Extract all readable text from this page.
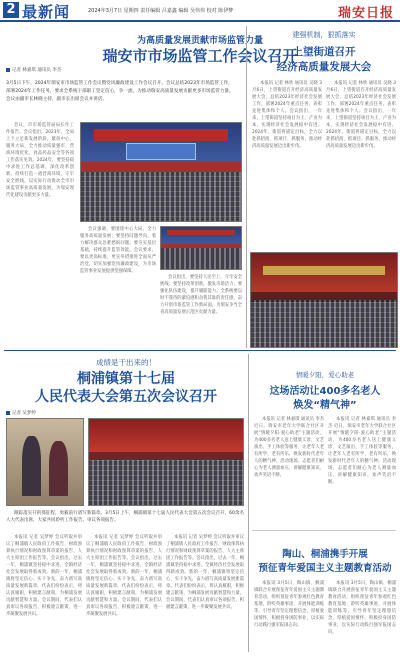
2 最新闻	2024年3月7日 星期四 责任编辑 吕嘉鑫 编辑 吴伟伟 校对 陈伊梦	瑞安日报
为高质量发展贡献市场监管力量
瑞安市市场监管工作会议召开
记者 林嘉琪 通讯员 李杰
3月5日下午，2024年瑞安市市场监管工作会议暨党风廉政建设工作会议召开。会议总结2023年市场监管工作，部署2024年工作任务，要求全系统干部职工坚定信心，争一流、为推动瑞安高质量发展贡献更多市场监管力量。会议由副市长林晓主持，副市长出席会议并讲话。

会议，市市场监管局局长作工作报告。会议指出，2023年，全局上下立足新发展阶段，紧扣中心、服务大局，全力推动质量强市、营商环境优化、食品药品安全等各项工作落实见效。2024年，要坚持稳中求进工作总基调，深化改革创新，持续打造一流营商环境，守牢安全底线，以实际行动推动全市市场监管事业高质量发展，为瑞安现代化建设贡献更多力量。

会议强调，要围绕中心大局，全力服务高质量发展；要坚持问题导向，着力解决群众急难愁盼问题；要夯实基层基础，持续提升监管效能。会议要求，要以更高标准、更实举措推进全面从严治党，切实加强党风廉政建设，为市场监管事业发展提供坚强保障。

会议指出，要坚持人民至上，守牢安全底线；要坚持改革创新，激发市场活力；要强化队伍建设，提升履职能力。全系统要以时不我待的紧迫感和舍我其谁的责任感，奋力开创市场监管工作新局面，为瑞安争当全省高质量发展示范区贡献力量。

建强机制，狠抓落实
上望街道召开
经济高质量发展大会

本报讯 记者 林欣 通讯员 吴晓 3月6日，上望街道召开经济高质量发展大会，总结2023年经济社会发展工作，部署2024年重点任务，表彰先进集体和个人。会议指出，一年来，上望街道坚持项目为王、产业为本，实现经济社会发展稳中有进。2024年，街道将锚定目标，全力以赴抓招商、抓项目、抓服务，推动经济高质量发展迈出新步伐。

本报讯 记者 林欣 通讯员 吴晓 3月6日，上望街道召开经济高质量发展大会，总结2023年经济社会发展工作，部署2024年重点任务，表彰先进集体和个人。会议指出，一年来，上望街道坚持项目为王、产业为本，实现经济社会发展稳中有进。2024年，街道将锚定目标，全力以赴抓招商、抓项目、抓服务，推动经济高质量发展迈出新步伐。

成绩是干出来的！
桐浦镇第十七届
人民代表大会第五次会议召开
记者 吴梦婷

跟踪落实开的那征程，勇毅前行谱写新篇章。3月5日上午，桐浦镇第十七届人民代表大会第五次会议召开，60余名人大代表出席，大家共同聆听工作报告、审议各项报告。

本报讯 记者 吴梦婷 会议听取并审议了桐浦镇人民政府工作报告、财政预算执行情况和财政预算草案的报告、人大主席团工作报告等。会议指出，过去一年，桐浦镇坚持稳中求进，全镇经济社会发展取得新成效。新的一年，桐浦镇将坚定信心、实干争先，奋力谱写高质量发展新篇章。代表们纷纷表示，将认真履职，积极建言献策，为桐浦发展贡献智慧和力量。会议期间，代表们认真审议各项报告，积极建言献策，进一步凝聚发展共识。

本报讯 记者 吴梦婷 会议听取并审议了桐浦镇人民政府工作报告、财政预算执行情况和财政预算草案的报告、人大主席团工作报告等。会议指出，过去一年，桐浦镇坚持稳中求进，全镇经济社会发展取得新成效。新的一年，桐浦镇将坚定信心、实干争先，奋力谱写高质量发展新篇章。代表们纷纷表示，将认真履职，积极建言献策，为桐浦发展贡献智慧和力量。会议期间，代表们认真审议各项报告，积极建言献策，进一步凝聚发展共识。

本报讯 记者 吴梦婷 会议听取并审议了桐浦镇人民政府工作报告、财政预算执行情况和财政预算草案的报告、人大主席团工作报告等。会议指出，过去一年，桐浦镇坚持稳中求进，全镇经济社会发展取得新成效。新的一年，桐浦镇将坚定信心、实干争先，奋力谱写高质量发展新篇章。代表们纷纷表示，将认真履职，积极建言献策，为桐浦发展贡献智慧和力量。会议期间，代表们认真审议各项报告，积极建言献策，进一步凝聚发展共识。

情暖夕阳，爱心助老
这场活动让400多名老人
焕发“精气神”

本报讯 记者 林嘉琪 通讯员 李杰 近日，瑞安市老年大学联合社区开展“情暖夕阳·爱心助老”主题活动，为400多名老人送上健康义诊、文艺演出、手工体验等服务，让老年人老有所学、老有所乐，焕发新时代老年人的精气神。活动现场，志愿者们耐心为老人测量血压、讲解健康知识，欢声笑语不断。

本报讯 记者 林嘉琪 通讯员 李杰 近日，瑞安市老年大学联合社区开展“情暖夕阳·爱心助老”主题活动，为400多名老人送上健康义诊、文艺演出、手工体验等服务，让老年人老有所学、老有所乐，焕发新时代老年人的精气神。活动现场，志愿者们耐心为老人测量血压、讲解健康知识，欢声笑语不断。

陶山、桐浦携手开展
预征青年爱国主义主题教育活动

本报讯 3月5日，陶山镇、桐浦镇联合开展预征青年爱国主义主题教育活动，组织预征青年参观红色教育基地、聆听英雄事迹、开展体能训练等，引导青年坚定理想信念，厚植爱国情怀，积极投身国防事业，以实际行动践行强军报国志向。

本报讯 3月5日，陶山镇、桐浦镇联合开展预征青年爱国主义主题教育活动，组织预征青年参观红色教育基地、聆听英雄事迹、开展体能训练等，引导青年坚定理想信念，厚植爱国情怀，积极投身国防事业，以实际行动践行强军报国志向。
